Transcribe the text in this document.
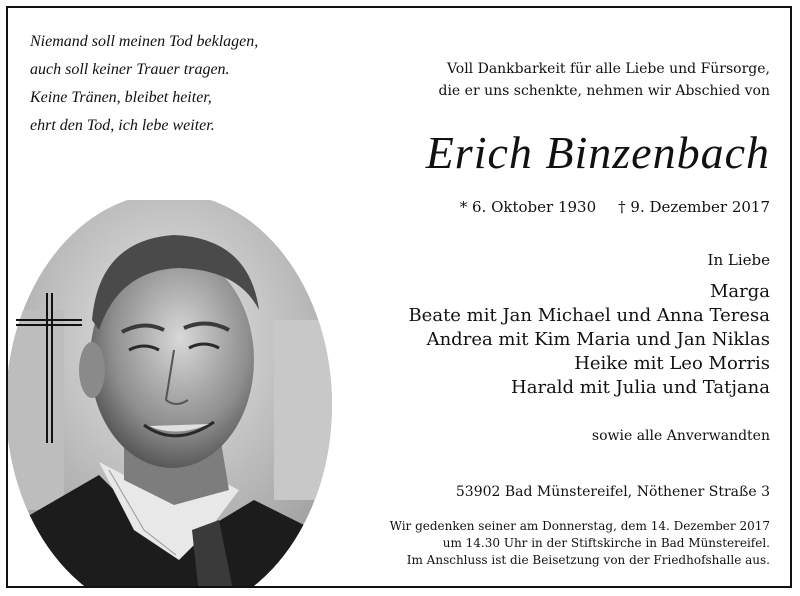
Niemand soll meinen Tod beklagen,
auch soll keiner Trauer tragen.
Keine Tränen, bleibet heiter,
ehrt den Tod, ich lebe weiter.
Voll Dankbarkeit für alle Liebe und Fürsorge,
die er uns schenkte, nehmen wir Abschied von
Erich Binzenbach
* 6. Oktober 1930 † 9. Dezember 2017
In Liebe
Marga
Beate mit Jan Michael und Anna Teresa
Andrea mit Kim Maria und Jan Niklas
Heike mit Leo Morris
Harald mit Julia und Tatjana
sowie alle Anverwandten
53902 Bad Münstereifel, Nöthener Straße 3
Wir gedenken seiner am Donnerstag, dem 14. Dezember 2017
um 14.30 Uhr in der Stiftskirche in Bad Münstereifel.
Im Anschluss ist die Beisetzung von der Friedhofshalle aus.
